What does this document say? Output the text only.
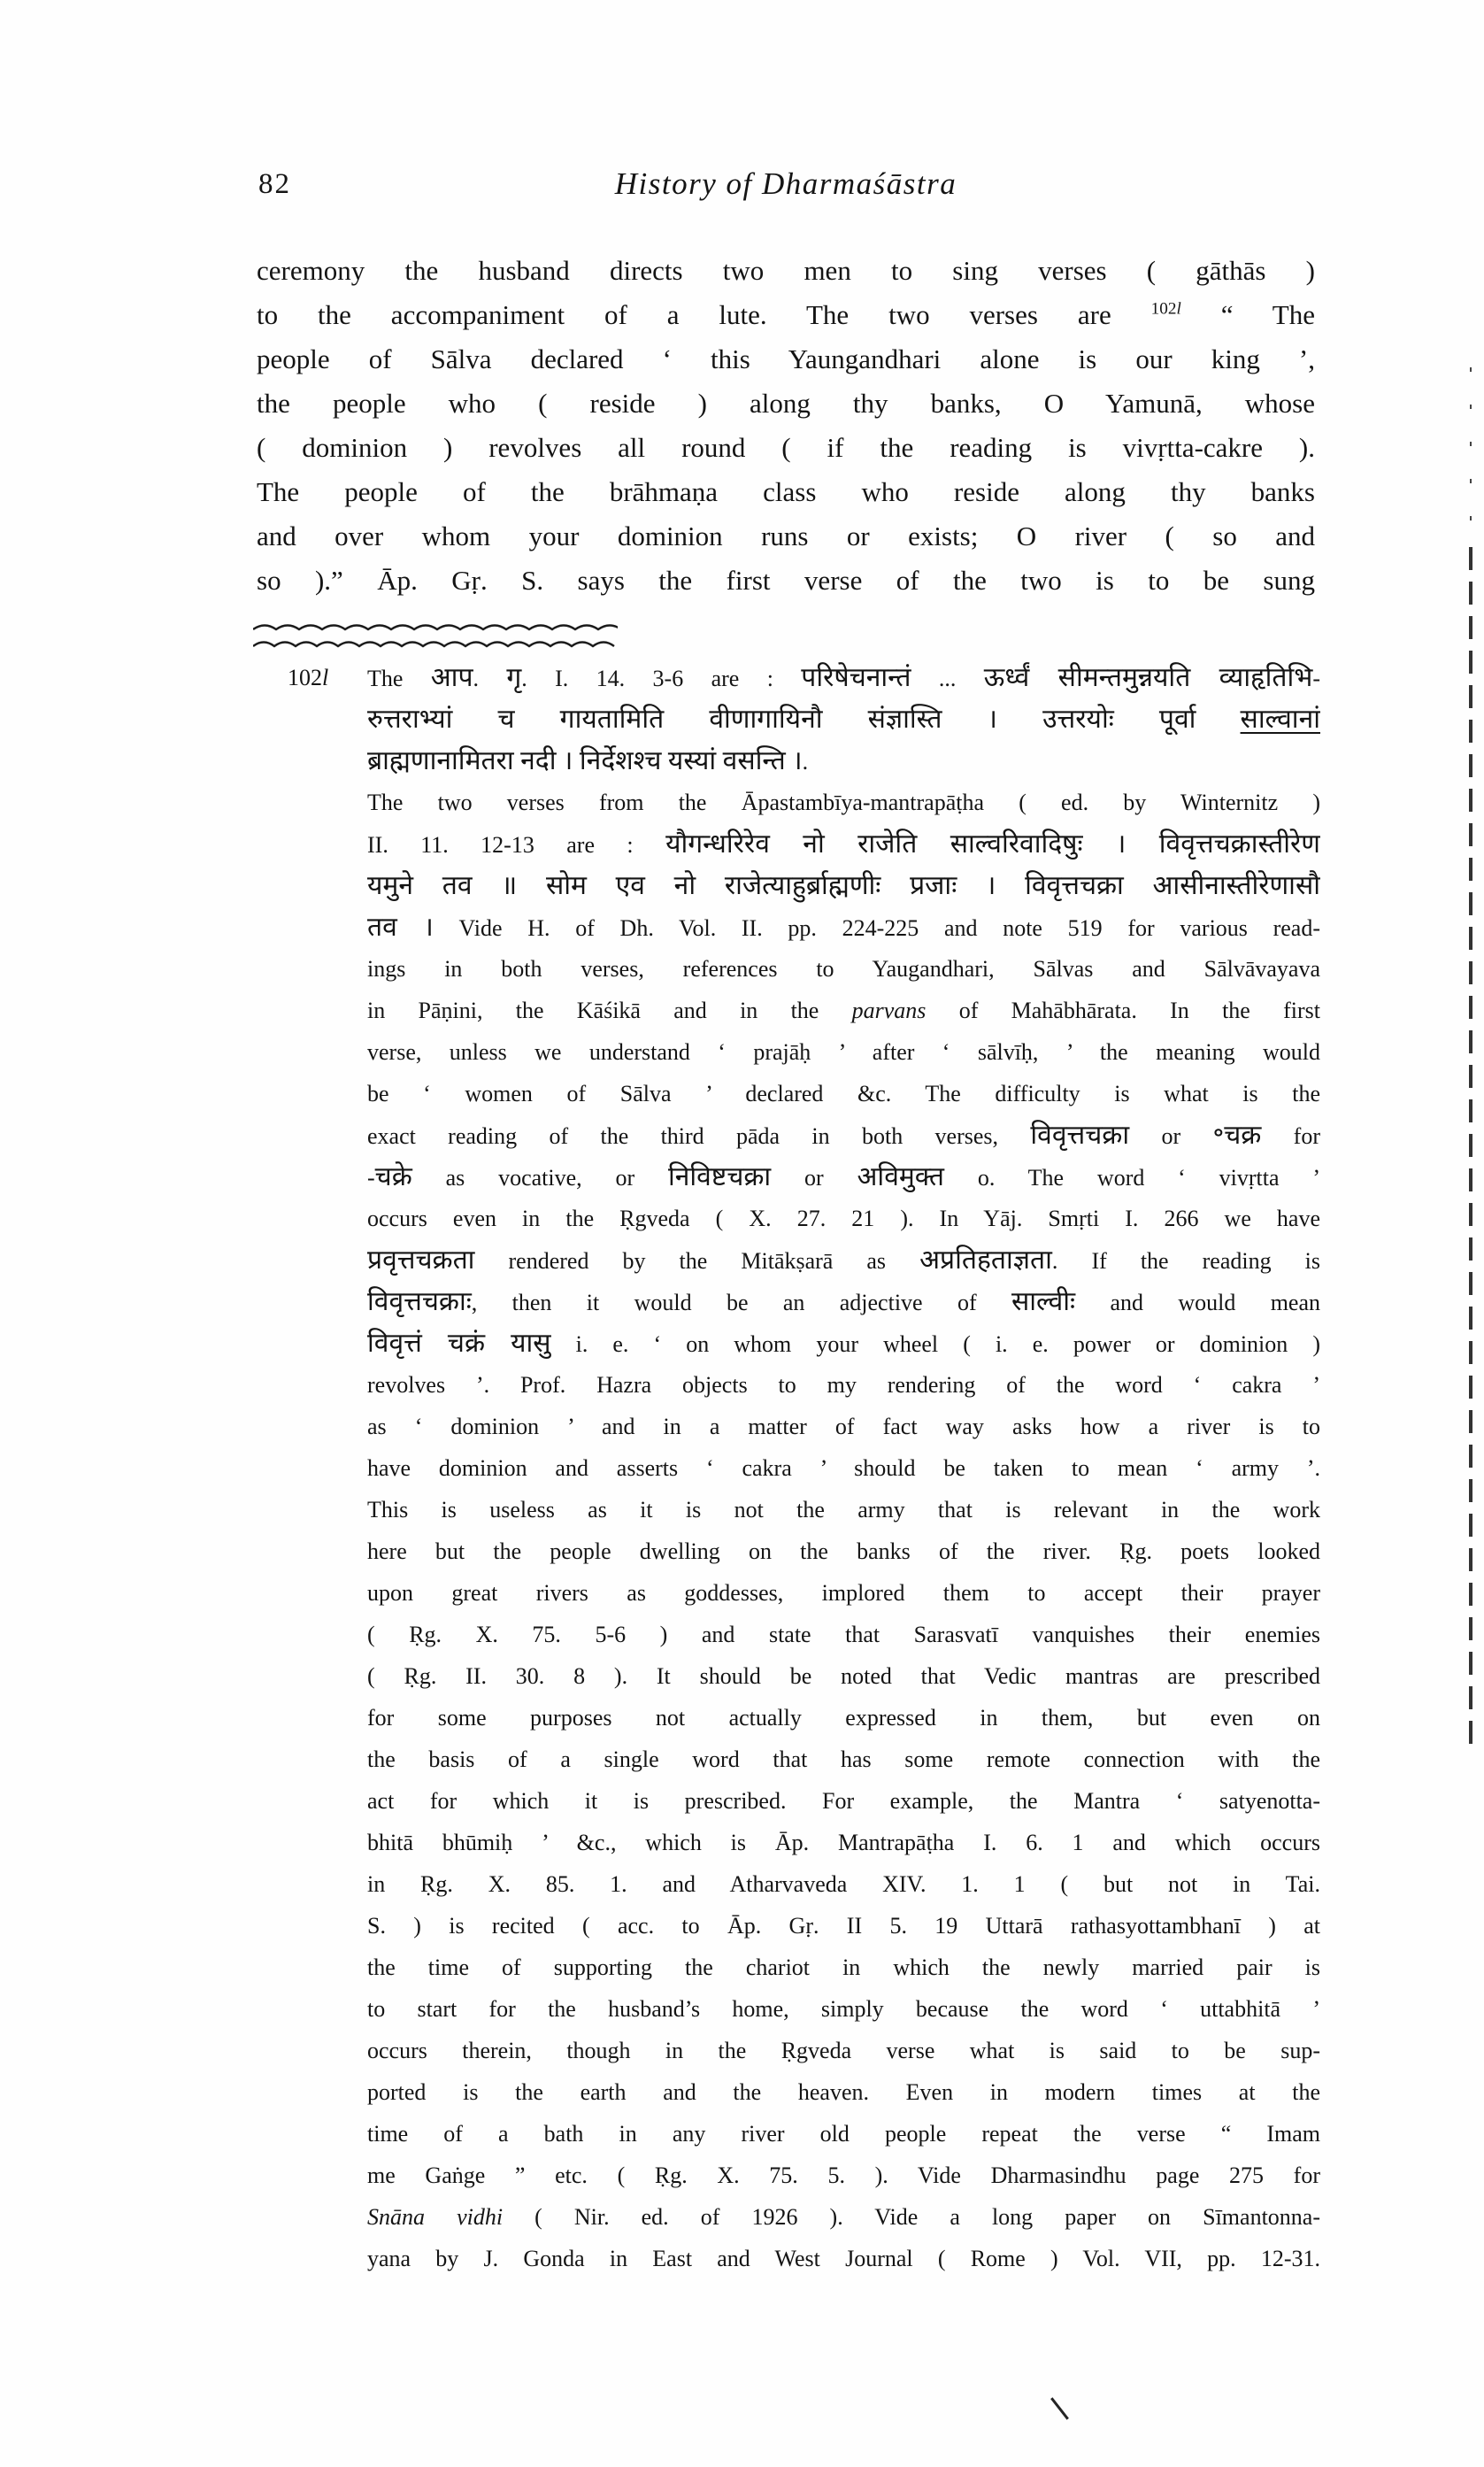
82	History of Dharmaśāstra
ceremony the husband directs two men to sing verses ( gāthās )
to the accompaniment of a lute. The two verses are $^{102l}$ “ The
people of Sālva declared ‘ this Yaungandhari alone is our king ’,
the people who ( reside ) along thy banks, O Yamunā, whose
( dominion ) revolves all round ( if the reading is vivṛtta-cakre ).
The people of the brāhmaṇa class who reside along thy banks
and over whom your dominion runs or exists; O river ( so and
so ).” Āp. Gṛ. S. says the first verse of the two is to be sung
102l The आप. गृ. I. 14. 3-6 are : परिषेचनान्तं ... ऊर्ध्वं सीमन्तमुन्नयति व्याहृतिभि-
रुत्तराभ्यां च गायतामिति वीणागायिनौ संज्ञास्ति । उत्तरयोः पूर्वा साल्वानां
ब्राह्मणानामितरा नदी । निर्देशश्च यस्यां वसन्ति ।.
The two verses from the Āpastambīya-mantrapāṭha ( ed. by Winternitz )
II. 11. 12-13 are : यौगन्धरिरेव नो राजेति साल्वरिवादिषुः । विवृत्तचक्रास्तीरेण
यमुने तव ॥ सोम एव नो राजेत्याहुर्ब्राह्मणीः प्रजाः । विवृत्तचक्रा आसीनास्तीरेणासौ
तव । Vide H. of Dh. Vol. II. pp. 224-225 and note 519 for various read-
ings in both verses, references to Yaugandhari, Sālvas and Sālvāvayava
in Pāṇini, the Kāśikā and in the parvans of Mahābhārata. In the first
verse, unless we understand ‘ prajāḥ ’ after ‘ sālvīḥ, ’ the meaning would
be ‘ women of Sālva ’ declared &c. The difficulty is what is the
exact reading of the third pāda in both verses, विवृत्तचक्रा or ॰चक्र for
-चक्रे as vocative, or निविष्टचक्रा or अविमुक्त o. The word ‘ vivṛtta ’
occurs even in the Ṛgveda ( X. 27. 21 ). In Yāj. Smṛti I. 266 we have
प्रवृत्तचक्रता rendered by the Mitākṣarā as अप्रतिहताज्ञता. If the reading is
विवृत्तचक्राः, then it would be an adjective of साल्वीः and would mean
विवृत्तं चक्रं यासु i. e. ‘ on whom your wheel ( i. e. power or dominion )
revolves ’. Prof. Hazra objects to my rendering of the word ‘ cakra ’
as ‘ dominion ’ and in a matter of fact way asks how a river is to
have dominion and asserts ‘ cakra ’ should be taken to mean ‘ army ’.
This is useless as it is not the army that is relevant in the work
here but the people dwelling on the banks of the river. Ṛg. poets looked
upon great rivers as goddesses, implored them to accept their prayer
( Ṛg. X. 75. 5-6 ) and state that Sarasvatī vanquishes their enemies
( Ṛg. II. 30. 8 ). It should be noted that Vedic mantras are prescribed
for some purposes not actually expressed in them, but even on
the basis of a single word that has some remote connection with the
act for which it is prescribed. For example, the Mantra ‘ satyenotta-
bhitā bhūmiḥ ’ &c., which is Āp. Mantrapāṭha I. 6. 1 and which occurs
in Ṛg. X. 85. 1. and Atharvaveda XIV. 1. 1 ( but not in Tai.
S. ) is recited ( acc. to Āp. Gṛ. II 5. 19 Uttarā rathasyottambhanī ) at
the time of supporting the chariot in which the newly married pair is
to start for the husband’s home, simply because the word ‘ uttabhitā ’
occurs therein, though in the Ṛgveda verse what is said to be sup-
ported is the earth and the heaven. Even in modern times at the
time of a bath in any river old people repeat the verse “ Imam
me Gaṅge ” etc. ( Ṛg. X. 75. 5. ). Vide Dharmasindhu page 275 for
Snāna vidhi ( Nir. ed. of 1926 ). Vide a long paper on Sīmantonna-
yana by J. Gonda in East and West Journal ( Rome ) Vol. VII, pp. 12-31.
